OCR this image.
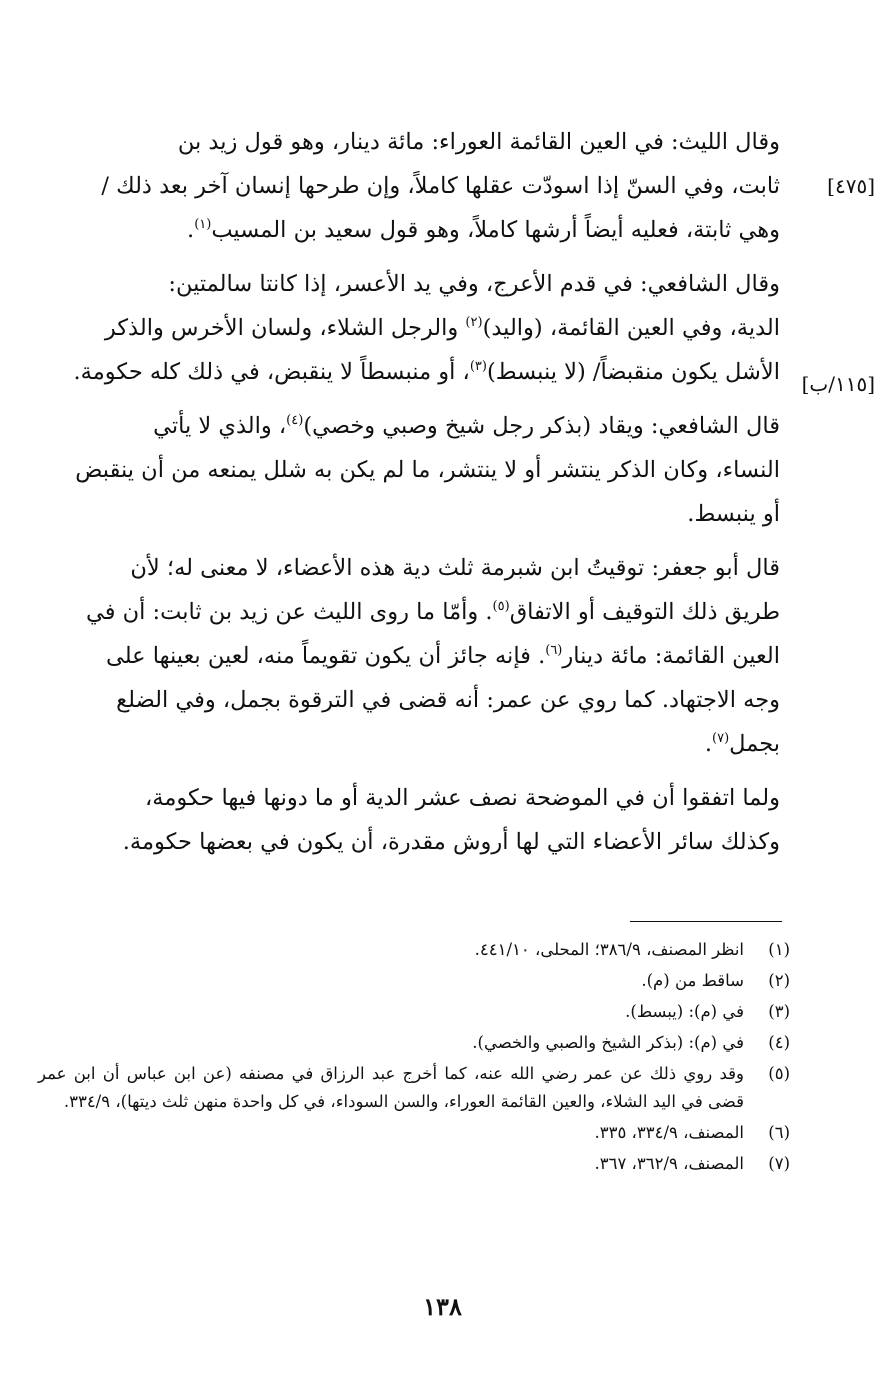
[٤٧٥]
[١١٥/ب]

وقال الليث: في العين القائمة العوراء: مائة دينار، وهو قول زيد بن

ثابت، وفي السنّ إذا اسودّت عقلها كاملاً، وإن طرحها إنسان آخر بعد ذلك /

وهي ثابتة، فعليه أيضاً أرشها كاملاً، وهو قول سعيد بن المسيب$^{(١)}$.

وقال الشافعي: في قدم الأعرج، وفي يد الأعسر، إذا كانتا سالمتين:

الدية، وفي العين القائمة، (واليد)$^{(٢)}$ والرجل الشلاء، ولسان الأخرس والذكر

الأشل يكون منقبضاً/ (لا ينبسط)$^{(٣)}$، أو منبسطاً لا ينقبض، في ذلك كله حكومة.

قال الشافعي: ويقاد (بذكر رجل شيخ وصبي وخصي)$^{(٤)}$، والذي لا يأتي

النساء، وكان الذكر ينتشر أو لا ينتشر، ما لم يكن به شلل يمنعه من أن ينقبض

أو ينبسط.

قال أبو جعفر: توقيتُ ابن شبرمة ثلث دية هذه الأعضاء، لا معنى له؛ لأن

طريق ذلك التوقيف أو الاتفاق$^{(٥)}$. وأمّا ما روى الليث عن زيد بن ثابت: أن في

العين القائمة: مائة دينار$^{(٦)}$. فإنه جائز أن يكون تقويماً منه، لعين بعينها على

وجه الاجتهاد. كما روي عن عمر: أنه قضى في الترقوة بجمل، وفي الضلع

بجمل$^{(٧)}$.

ولما اتفقوا أن في الموضحة نصف عشر الدية أو ما دونها فيها حكومة،

وكذلك سائر الأعضاء التي لها أروش مقدرة، أن يكون في بعضها حكومة.

(١)
انظر المصنف، ٣٨٦/٩؛ المحلى، ٤٤١/١٠.
(٢)
ساقط من (م).
(٣)
في (م): (يبسط).
(٤)
في (م): (بذكر الشيخ والصبي والخصي).
(٥)
وقد روي ذلك عن عمر رضي الله عنه، كما أخرج عبد الرزاق في مصنفه (عن ابن عباس أن ابن عمر قضى في اليد الشلاء، والعين القائمة العوراء، والسن السوداء، في كل واحدة منهن ثلث ديتها)، ٣٣٤/٩.
(٦)
المصنف، ٣٣٤/٩، ٣٣٥.
(٧)
المصنف، ٣٦٢/٩، ٣٦٧.
١٣٨
